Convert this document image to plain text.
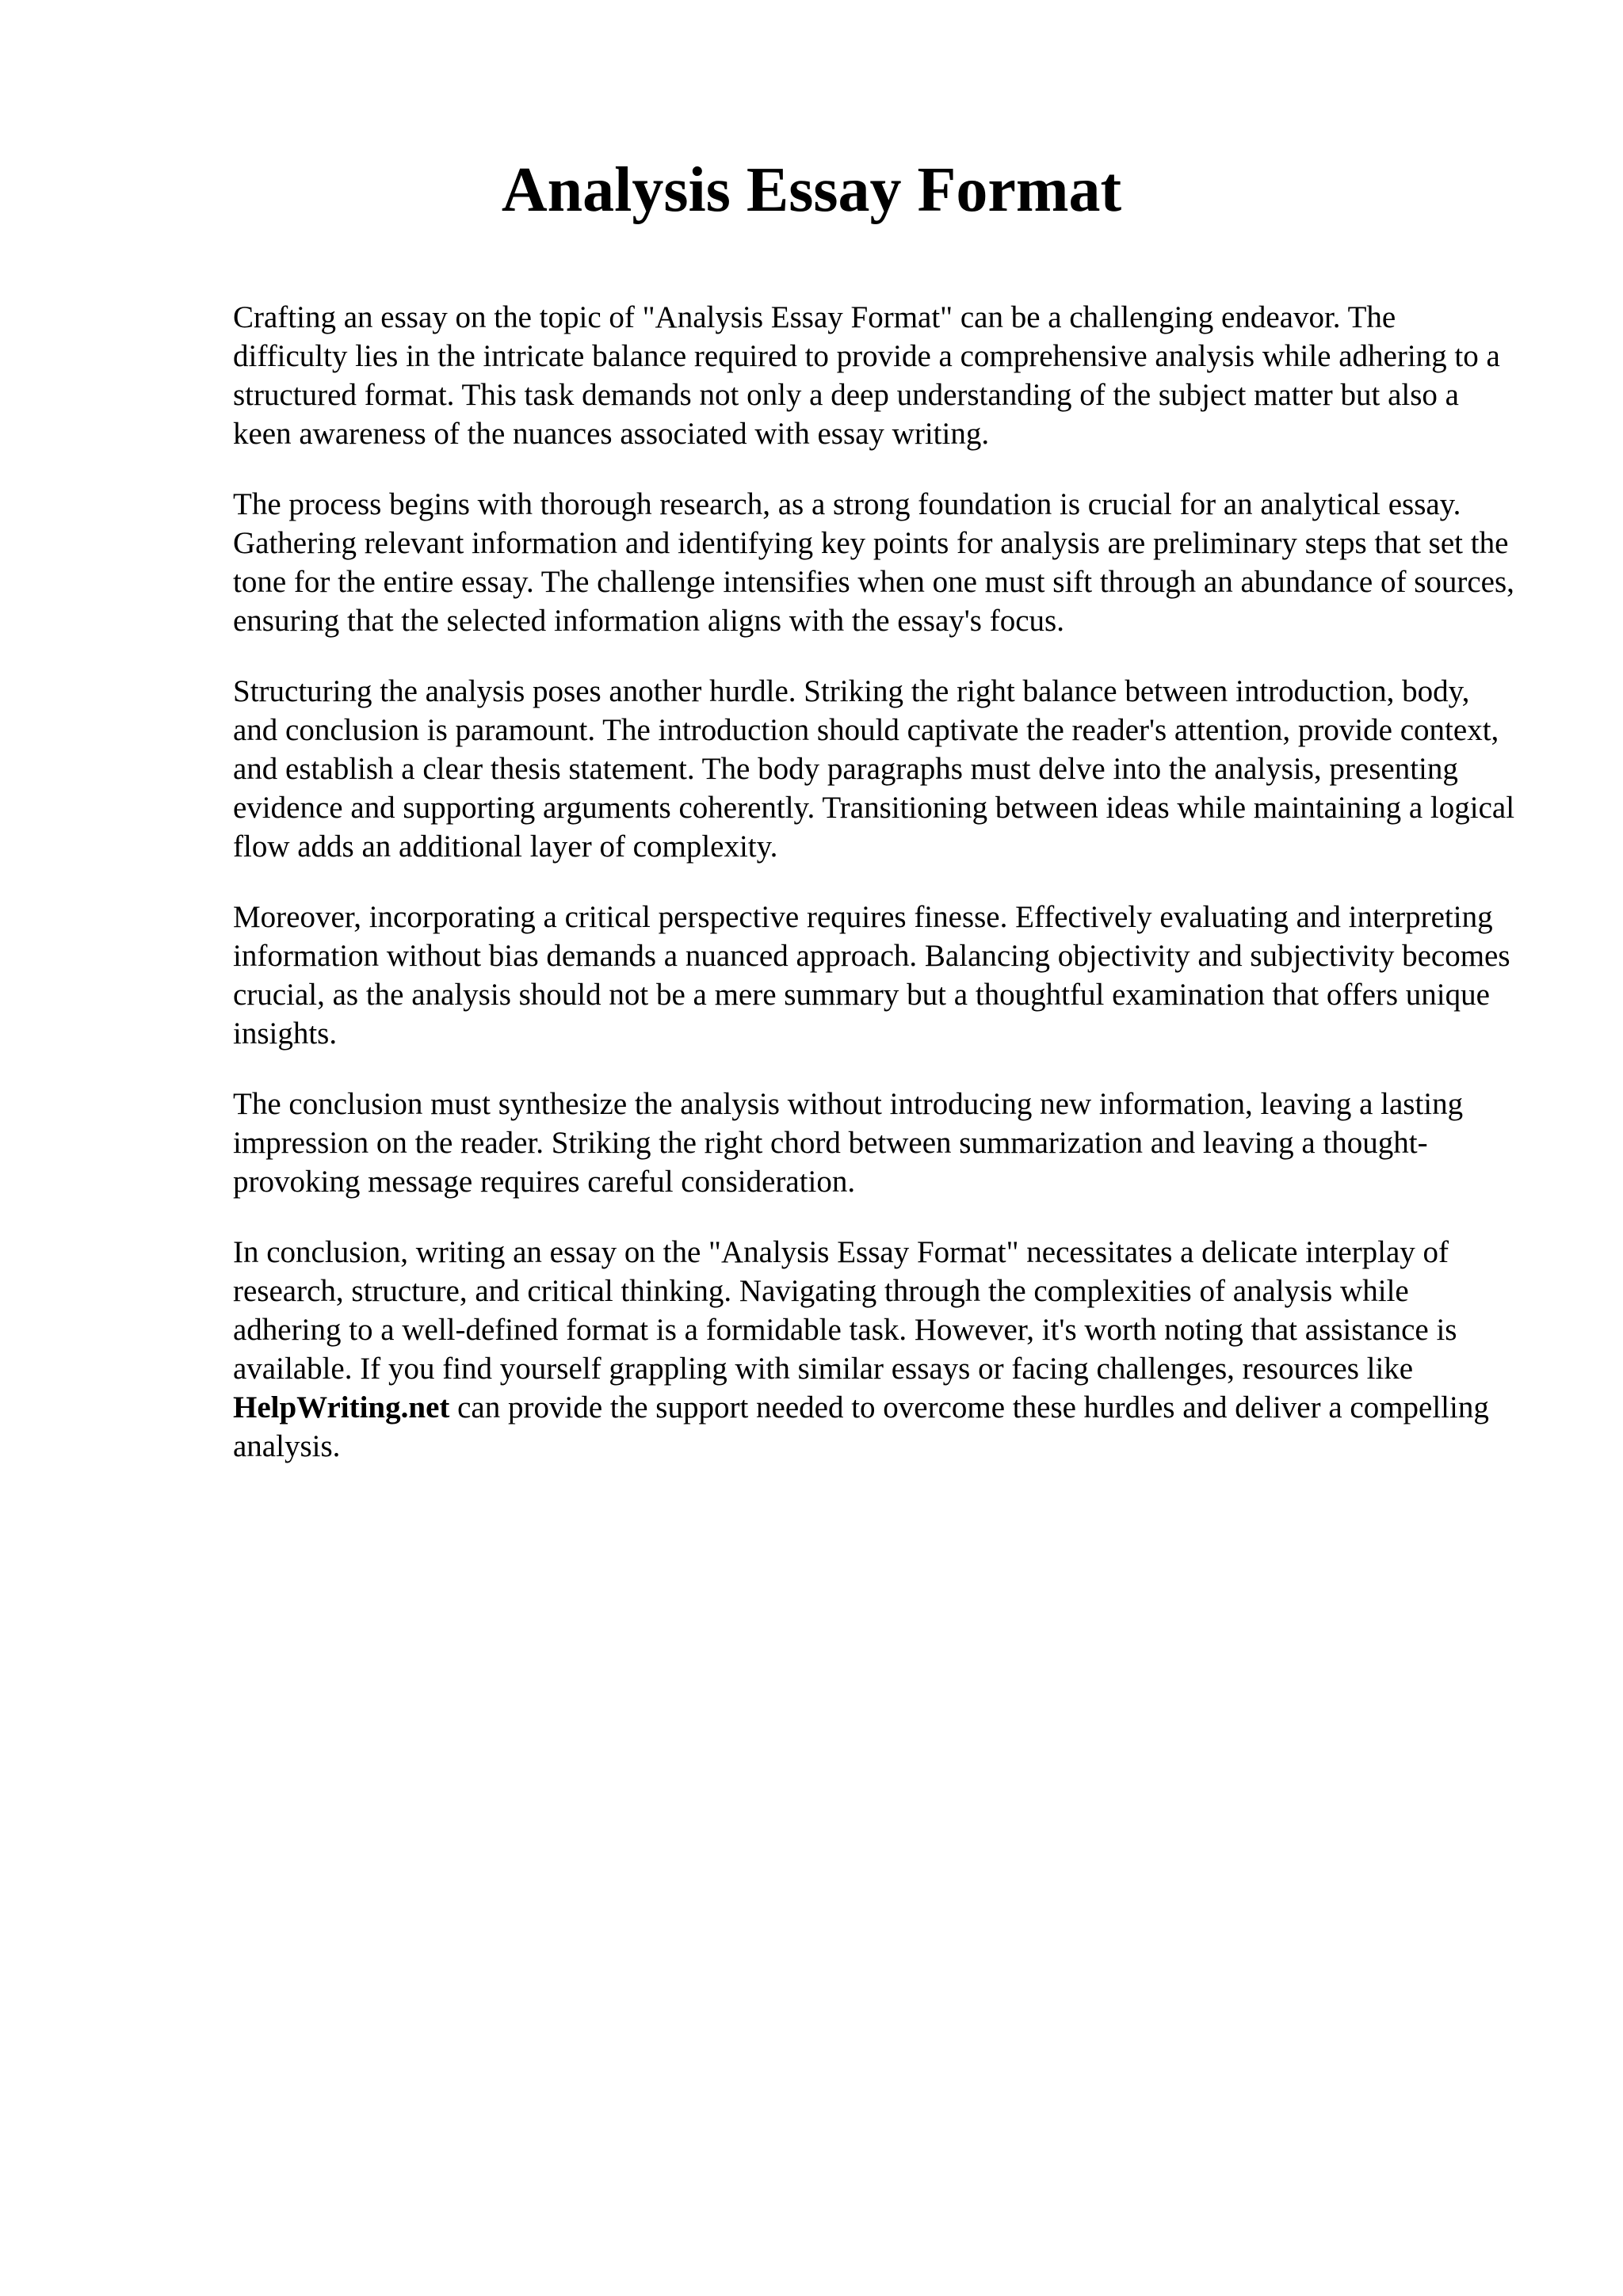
Analysis Essay Format

Crafting an essay on the topic of "Analysis Essay Format" can be a challenging endeavor. The difficulty lies in the intricate balance required to provide a comprehensive analysis while adhering to a structured format. This task demands not only a deep understanding of the subject matter but also a keen awareness of the nuances associated with essay writing.

The process begins with thorough research, as a strong foundation is crucial for an analytical essay. Gathering relevant information and identifying key points for analysis are preliminary steps that set the tone for the entire essay. The challenge intensifies when one must sift through an abundance of sources, ensuring that the selected information aligns with the essay's focus.

Structuring the analysis poses another hurdle. Striking the right balance between introduction, body, and conclusion is paramount. The introduction should captivate the reader's attention, provide context, and establish a clear thesis statement. The body paragraphs must delve into the analysis, presenting evidence and supporting arguments coherently. Transitioning between ideas while maintaining a logical flow adds an additional layer of complexity.

Moreover, incorporating a critical perspective requires finesse. Effectively evaluating and interpreting information without bias demands a nuanced approach. Balancing objectivity and subjectivity becomes crucial, as the analysis should not be a mere summary but a thoughtful examination that offers unique insights.

The conclusion must synthesize the analysis without introducing new information, leaving a lasting impression on the reader. Striking the right chord between summarization and leaving a thought-provoking message requires careful consideration.

In conclusion, writing an essay on the "Analysis Essay Format" necessitates a delicate interplay of research, structure, and critical thinking. Navigating through the complexities of analysis while adhering to a well-defined format is a formidable task. However, it's worth noting that assistance is available. If you find yourself grappling with similar essays or facing challenges, resources like HelpWriting.net can provide the support needed to overcome these hurdles and deliver a compelling analysis.
